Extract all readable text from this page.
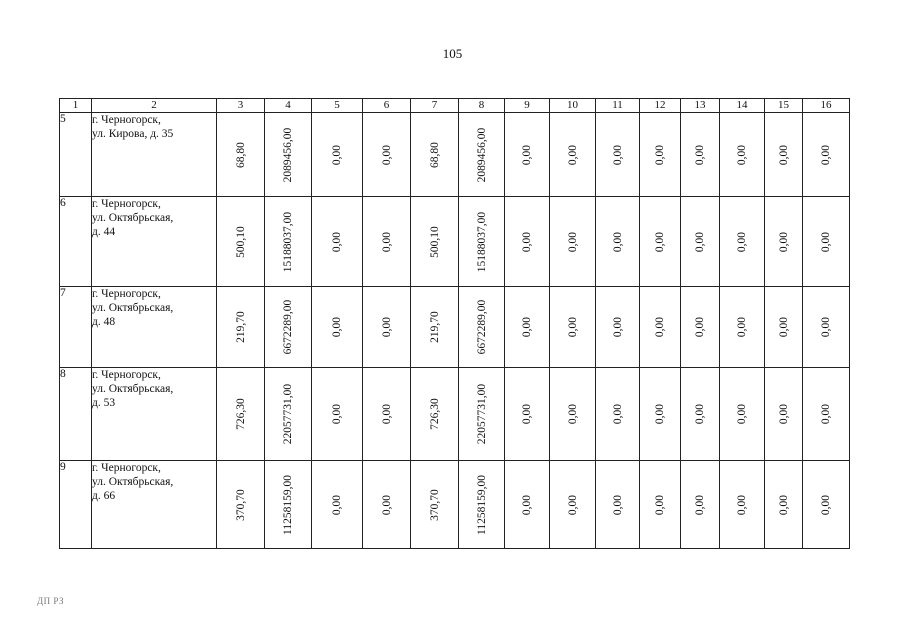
105
1	2	3	4	5	6	7	8	9	10	11	12	13	14	15	16
5	г. Черногорск,
ул. Кирова, д. 35	68,80	2089456,00	0,00	0,00	68,80	2089456,00	0,00	0,00	0,00	0,00	0,00	0,00	0,00	0,00

6	г. Черногорск,
ул. Октябрьская,
д. 44	500,10	15188037,00	0,00	0,00	500,10	15188037,00	0,00	0,00	0,00	0,00	0,00	0,00	0,00	0,00

7	г. Черногорск,
ул. Октябрьская,
д. 48	219,70	6672289,00	0,00	0,00	219,70	6672289,00	0,00	0,00	0,00	0,00	0,00	0,00	0,00	0,00

8	г. Черногорск,
ул. Октябрьская,
д. 53	726,30	22057731,00	0,00	0,00	726,30	22057731,00	0,00	0,00	0,00	0,00	0,00	0,00	0,00	0,00

9	г. Черногорск,
ул. Октябрьская,
д. 66	370,70	11258159,00	0,00	0,00	370,70	11258159,00	0,00	0,00	0,00	0,00	0,00	0,00	0,00	0,00
ДП РЗ
